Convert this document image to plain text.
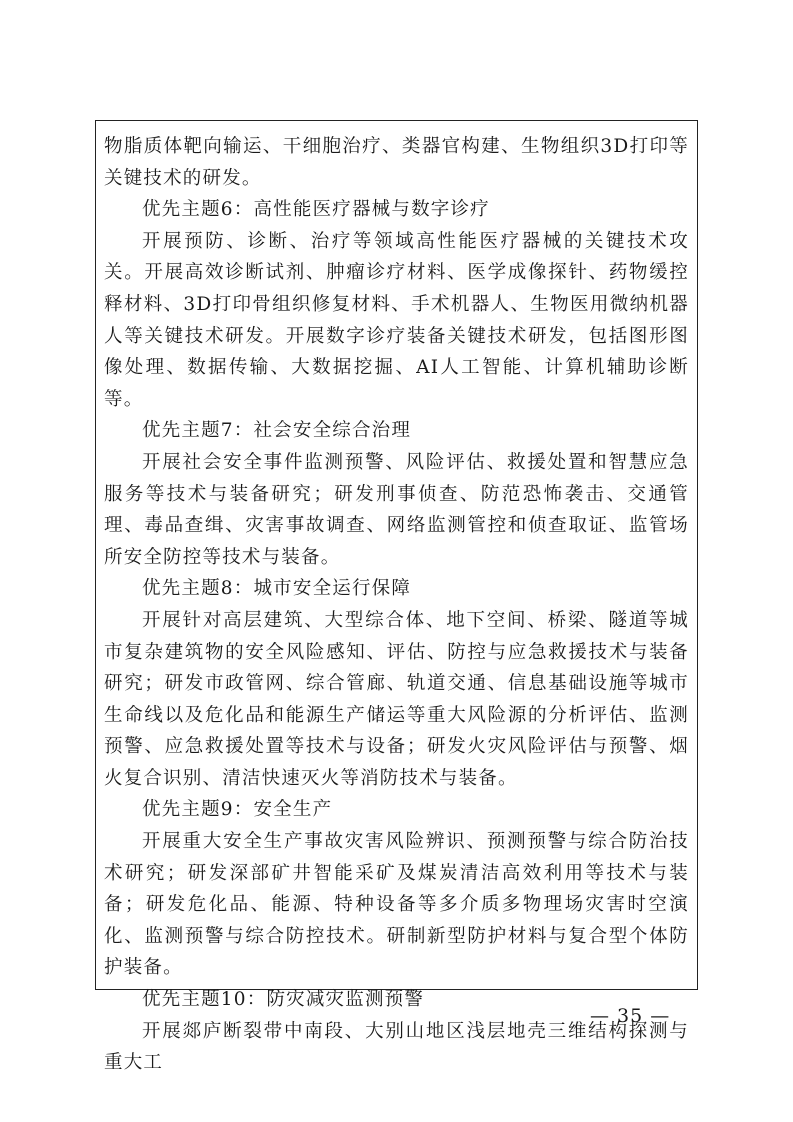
物脂质体靶向输运、干细胞治疗、类器官构建、生物组织3D打印等关键技术的研发。

优先主题6：高性能医疗器械与数字诊疗

开展预防、诊断、治疗等领域高性能医疗器械的关键技术攻关。开展高效诊断试剂、肿瘤诊疗材料、医学成像探针、药物缓控释材料、3D打印骨组织修复材料、手术机器人、生物医用微纳机器人等关键技术研发。开展数字诊疗装备关键技术研发，包括图形图像处理、数据传输、大数据挖掘、AI人工智能、计算机辅助诊断等。

优先主题7：社会安全综合治理

开展社会安全事件监测预警、风险评估、救援处置和智慧应急服务等技术与装备研究；研发刑事侦查、防范恐怖袭击、交通管理、毒品查缉、灾害事故调查、网络监测管控和侦查取证、监管场所安全防控等技术与装备。

优先主题8：城市安全运行保障

开展针对高层建筑、大型综合体、地下空间、桥梁、隧道等城市复杂建筑物的安全风险感知、评估、防控与应急救援技术与装备研究；研发市政管网、综合管廊、轨道交通、信息基础设施等城市生命线以及危化品和能源生产储运等重大风险源的分析评估、监测预警、应急救援处置等技术与设备；研发火灾风险评估与预警、烟火复合识别、清洁快速灭火等消防技术与装备。

优先主题9：安全生产

开展重大安全生产事故灾害风险辨识、预测预警与综合防治技术研究；研发深部矿井智能采矿及煤炭清洁高效利用等技术与装备；研发危化品、能源、特种设备等多介质多物理场灾害时空演化、监测预警与综合防控技术。研制新型防护材料与复合型个体防护装备。

优先主题10：防灾减灾监测预警

开展郯庐断裂带中南段、大别山地区浅层地壳三维结构探测与重大工

— 35 —
